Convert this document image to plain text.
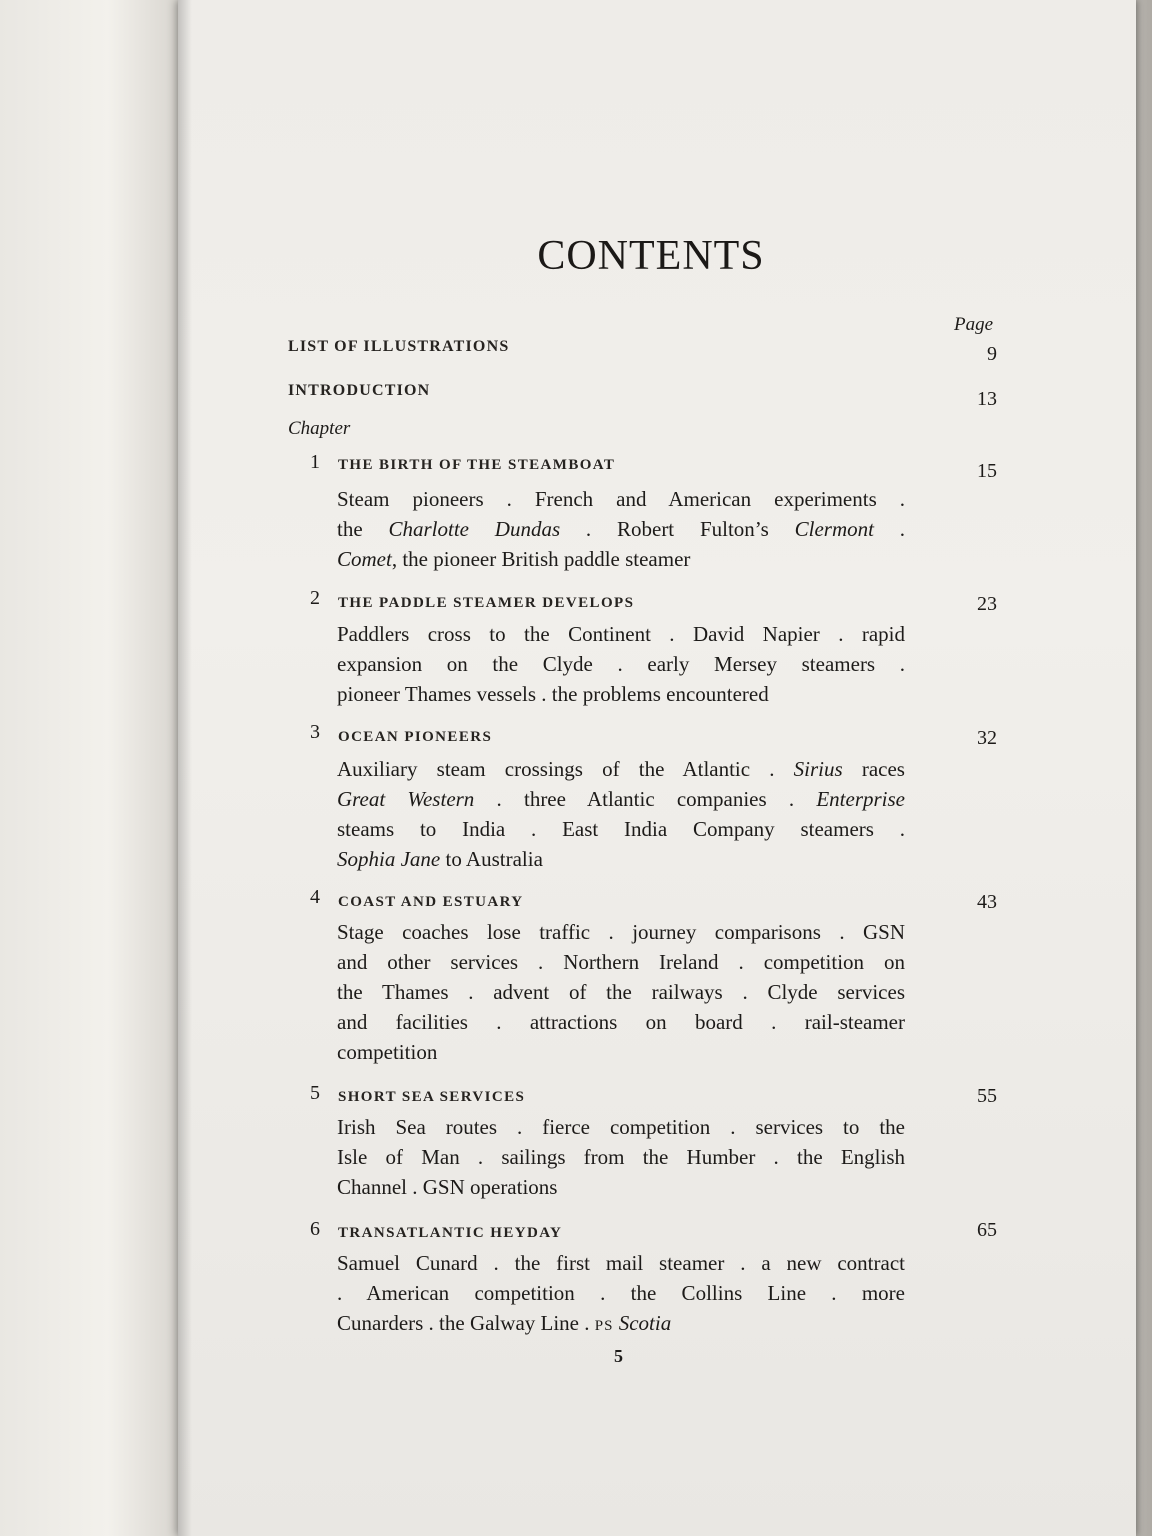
CONTENTS
Page
LIST OF ILLUSTRATIONS	9
INTRODUCTION	13
Chapter
1 THE BIRTH OF THE STEAMBOAT	15
Steam pioneers . French and American experiments .
the Charlotte Dundas . Robert Fulton’s Clermont .
Comet, the pioneer British paddle steamer
2 THE PADDLE STEAMER DEVELOPS	23
Paddlers cross to the Continent . David Napier . rapid
expansion on the Clyde . early Mersey steamers .
pioneer Thames vessels . the problems encountered
3 OCEAN PIONEERS	32
Auxiliary steam crossings of the Atlantic . Sirius races
Great Western . three Atlantic companies . Enterprise
steams to India . East India Company steamers .
Sophia Jane to Australia
4 COAST AND ESTUARY	43
Stage coaches lose traffic . journey comparisons . GSN
and other services . Northern Ireland . competition on
the Thames . advent of the railways . Clyde services
and facilities . attractions on board . rail-steamer
competition
5 SHORT SEA SERVICES	55
Irish Sea routes . fierce competition . services to the
Isle of Man . sailings from the Humber . the English
Channel . GSN operations
6 TRANSATLANTIC HEYDAY	65
Samuel Cunard . the first mail steamer . a new contract
. American competition . the Collins Line . more
Cunarders . the Galway Line . PS Scotia
5
